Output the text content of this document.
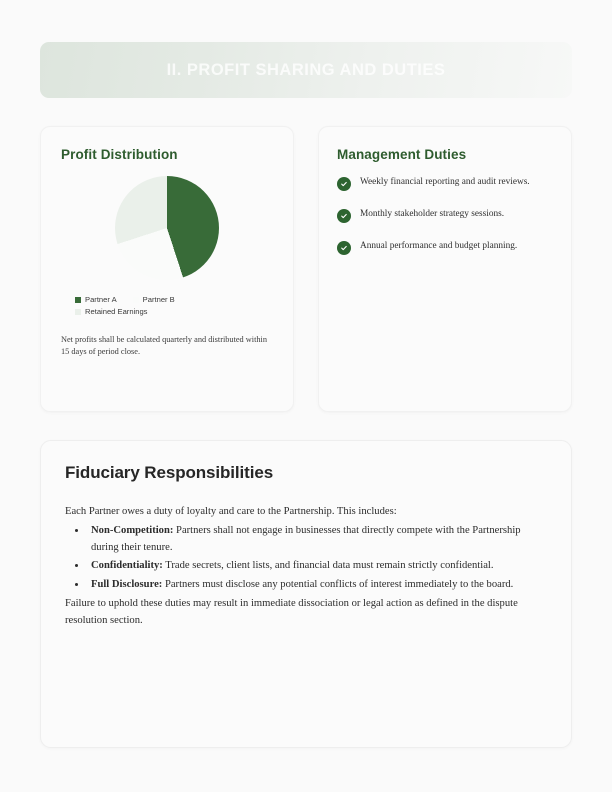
II. PROFIT SHARING AND DUTIES
Profit Distribution
Partner A	Partner B
Retained Earnings
Net profits shall be calculated quarterly and distributed within 15 days of period close.
Management Duties
Weekly financial reporting and audit reviews.
Monthly stakeholder strategy sessions.
Annual performance and budget planning.
Fiduciary Responsibilities

Each Partner owes a duty of loyalty and care to the Partnership. This includes:

• Non-Competition: Partners shall not engage in businesses that directly compete with the Partnership during their tenure.
• Confidentiality: Trade secrets, client lists, and financial data must remain strictly confidential.
• Full Disclosure: Partners must disclose any potential conflicts of interest immediately to the board.

Failure to uphold these duties may result in immediate dissociation or legal action as defined in the dispute resolution section.
